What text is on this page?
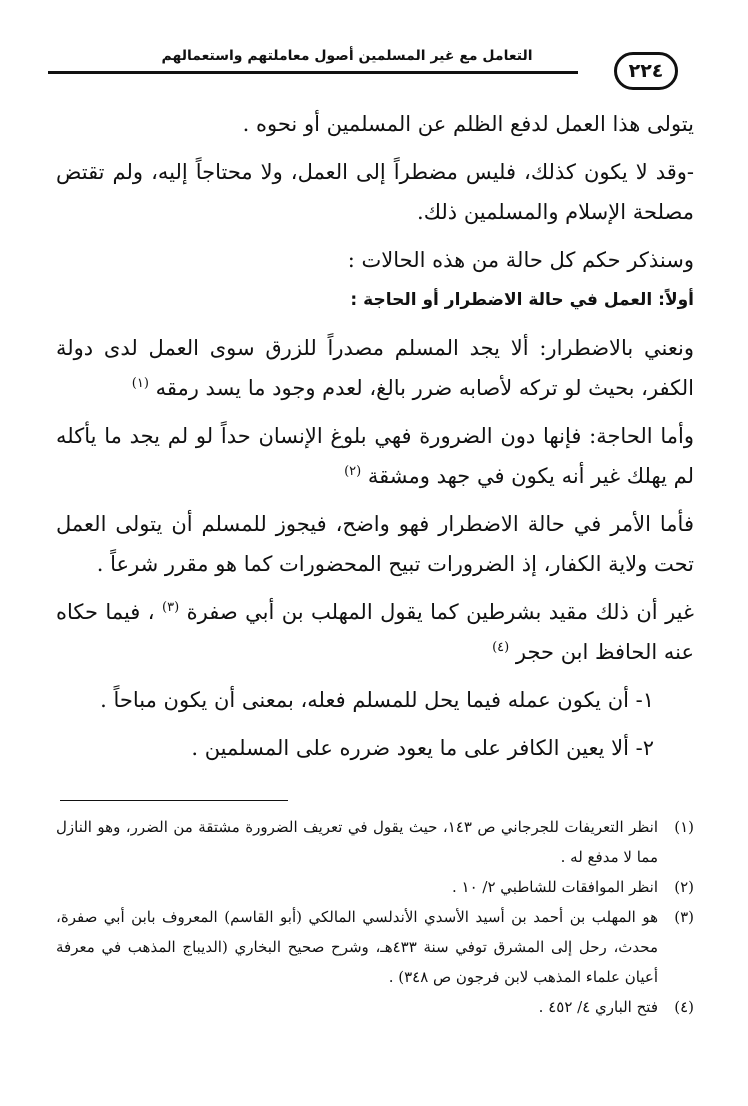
التعامل مع غير المسلمين أصول معاملتهم واستعمالهم
٢٢٤

يتولى هذا العمل لدفع الظلم عن المسلمين أو نحوه .

-وقد لا يكون كذلك، فليس مضطراً إلى العمل، ولا محتاجاً إليه، ولم تقتض مصلحة الإسلام والمسلمين ذلك.

وسنذكر حكم كل حالة من هذه الحالات :

أولاً: العمل في حالة الاضطرار أو الحاجة :

ونعني بالاضطرار: ألا يجد المسلم مصدراً للزرق سوى العمل لدى دولة الكفر، بحيث لو تركه لأصابه ضرر بالغ، لعدم وجود ما يسد رمقه $^{(١)}$

وأما الحاجة: فإنها دون الضرورة فهي بلوغ الإنسان حداً لو لم يجد ما يأكله لم يهلك غير أنه يكون في جهد ومشقة $^{(٢)}$

فأما الأمر في حالة الاضطرار فهو واضح، فيجوز للمسلم أن يتولى العمل تحت ولاية الكفار، إذ الضرورات تبيح المحضورات كما هو مقرر شرعاً .

غير أن ذلك مقيد بشرطين كما يقول المهلب بن أبي صفرة $^{(٣)}$ ، فيما حكاه عنه الحافظ ابن حجر $^{(٤)}$

١- أن يكون عمله فيما يحل للمسلم فعله، بمعنى أن يكون مباحاً .

٢- ألا يعين الكافر على ما يعود ضرره على المسلمين .

(١)
انظر التعريفات للجرجاني ص ١٤٣، حيث يقول في تعريف الضرورة مشتقة من الضرر، وهو النازل مما لا مدفع له .
(٢)
انظر الموافقات للشاطبي ٢/ ١٠ .
(٣)
هو المهلب بن أحمد بن أسيد الأسدي الأندلسي المالكي (أبو القاسم) المعروف بابن أبي صفرة، محدث، رحل إلى المشرق توفي سنة ٤٣٣هـ، وشرح صحيح البخاري (الديباج المذهب في معرفة أعيان علماء المذهب لابن فرجون ص ٣٤٨) .
(٤)
فتح الباري ٤/ ٤٥٢ .
